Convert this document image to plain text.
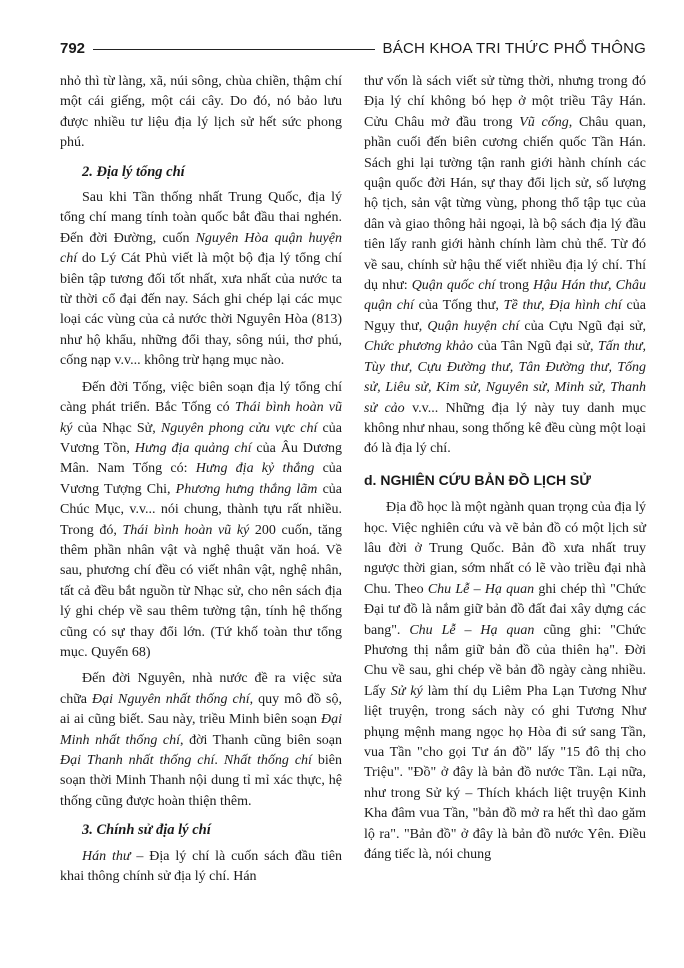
792	BÁCH KHOA TRI THỨC PHỔ THÔNG

nhỏ thì từ làng, xã, núi sông, chùa chiền, thậm chí một cái giếng, một cái cây. Do đó, nó bảo lưu được nhiều tư liệu địa lý lịch sử hết sức phong phú.

2. Địa lý tổng chí

Sau khi Tần thống nhất Trung Quốc, địa lý tổng chí mang tính toàn quốc bắt đầu thai nghén. Đến đời Đường, cuốn Nguyên Hòa quận huyện chí do Lý Cát Phủ viết là một bộ địa lý tổng chí biên tập tương đối tốt nhất, xưa nhất của nước ta từ thời cổ đại đến nay. Sách ghi chép lại các mục loại các vùng của cả nước thời Nguyên Hòa (813) như hộ khẩu, những đổi thay, sông núi, thơ phú, cống nạp v.v... không trừ hạng mục nào.

Đến đời Tống, việc biên soạn địa lý tổng chí càng phát triển. Bắc Tống có Thái bình hoàn vũ ký của Nhạc Sử, Nguyên phong cửu vực chí của Vương Tồn, Hưng địa quảng chí của Âu Dương Mân. Nam Tống có: Hưng địa kỷ thắng của Vương Tượng Chi, Phương hưng thắng lãm của Chúc Mục, v.v... nói chung, thành tựu rất nhiều. Trong đó, Thái bình hoàn vũ ký 200 cuốn, tăng thêm phần nhân vật và nghệ thuật văn hoá. Về sau, phương chí đều có viết nhân vật, nghệ nhân, tất cả đều bắt nguồn từ Nhạc sử, cho nên sách địa lý ghi chép về sau thêm tường tận, tính hệ thống cũng có sự thay đổi lớn. (Tứ khố toàn thư tổng mục. Quyển 68)

Đến đời Nguyên, nhà nước đề ra việc sửa chữa Đại Nguyên nhất thống chí, quy mô đồ sộ, ai ai cũng biết. Sau này, triều Minh biên soạn Đại Minh nhất thống chí, đời Thanh cũng biên soạn Đại Thanh nhất thống chí. Nhất thống chí biên soạn thời Minh Thanh nội dung tỉ mỉ xác thực, hệ thống cũng được hoàn thiện thêm.

3. Chính sử địa lý chí

Hán thư – Địa lý chí là cuốn sách đầu tiên khai thông chính sử địa lý chí. Hán

thư vốn là sách viết sử từng thời, nhưng trong đó Địa lý chí không bó hẹp ở một triều Tây Hán. Cửu Châu mở đầu trong Vũ cống, Châu quan, phần cuối đến biên cương chiến quốc Tần Hán. Sách ghi lại tường tận ranh giới hành chính các quận quốc đời Hán, sự thay đổi lịch sử, số lượng hộ tịch, sản vật từng vùng, phong thổ tập tục của dân và giao thông hải ngoại, là bộ sách địa lý đầu tiên lấy ranh giới hành chính làm chủ thể. Từ đó về sau, chính sử hậu thế viết nhiều địa lý chí. Thí dụ như: Quận quốc chí trong Hậu Hán thư, Châu quận chí của Tống thư, Tề thư, Địa hình chí của Ngụy thư, Quận huyện chí của Cựu Ngũ đại sử, Chức phương khảo của Tân Ngũ đại sử, Tấn thư, Tùy thư, Cựu Đường thư, Tân Đường thư, Tống sử, Liêu sử, Kim sử, Nguyên sử, Minh sử, Thanh sử cảo v.v... Những địa lý này tuy danh mục không như nhau, song thống kê đều cùng một loại đó là địa lý chí.

d. NGHIÊN CỨU BẢN ĐỒ LỊCH SỬ

Địa đồ học là một ngành quan trọng của địa lý học. Việc nghiên cứu và vẽ bản đồ có một lịch sử lâu đời ở Trung Quốc. Bản đồ xưa nhất truy ngược thời gian, sớm nhất có lẽ vào triều đại nhà Chu. Theo Chu Lễ – Hạ quan ghi chép thì "Chức Đại tư đồ là nắm giữ bản đồ đất đai xây dựng các bang". Chu Lễ – Hạ quan cũng ghi: "Chức Phương thị nắm giữ bản đồ của thiên hạ". Đời Chu về sau, ghi chép về bản đồ ngày càng nhiều. Lấy Sử ký làm thí dụ Liêm Pha Lạn Tương Như liệt truyện, trong sách này có ghi Tương Như phụng mệnh mang ngọc họ Hòa đi sứ sang Tần, vua Tần "cho gọi Tư án đồ" lấy "15 đô thị cho Triệu". "Đồ" ở đây là bản đồ nước Tần. Lại nữa, như trong Sử ký – Thích khách liệt truyện Kinh Kha đâm vua Tần, "bản đồ mở ra hết thì dao găm lộ ra". "Bản đồ" ở đây là bản đồ nước Yên. Điều đáng tiếc là, nói chung
